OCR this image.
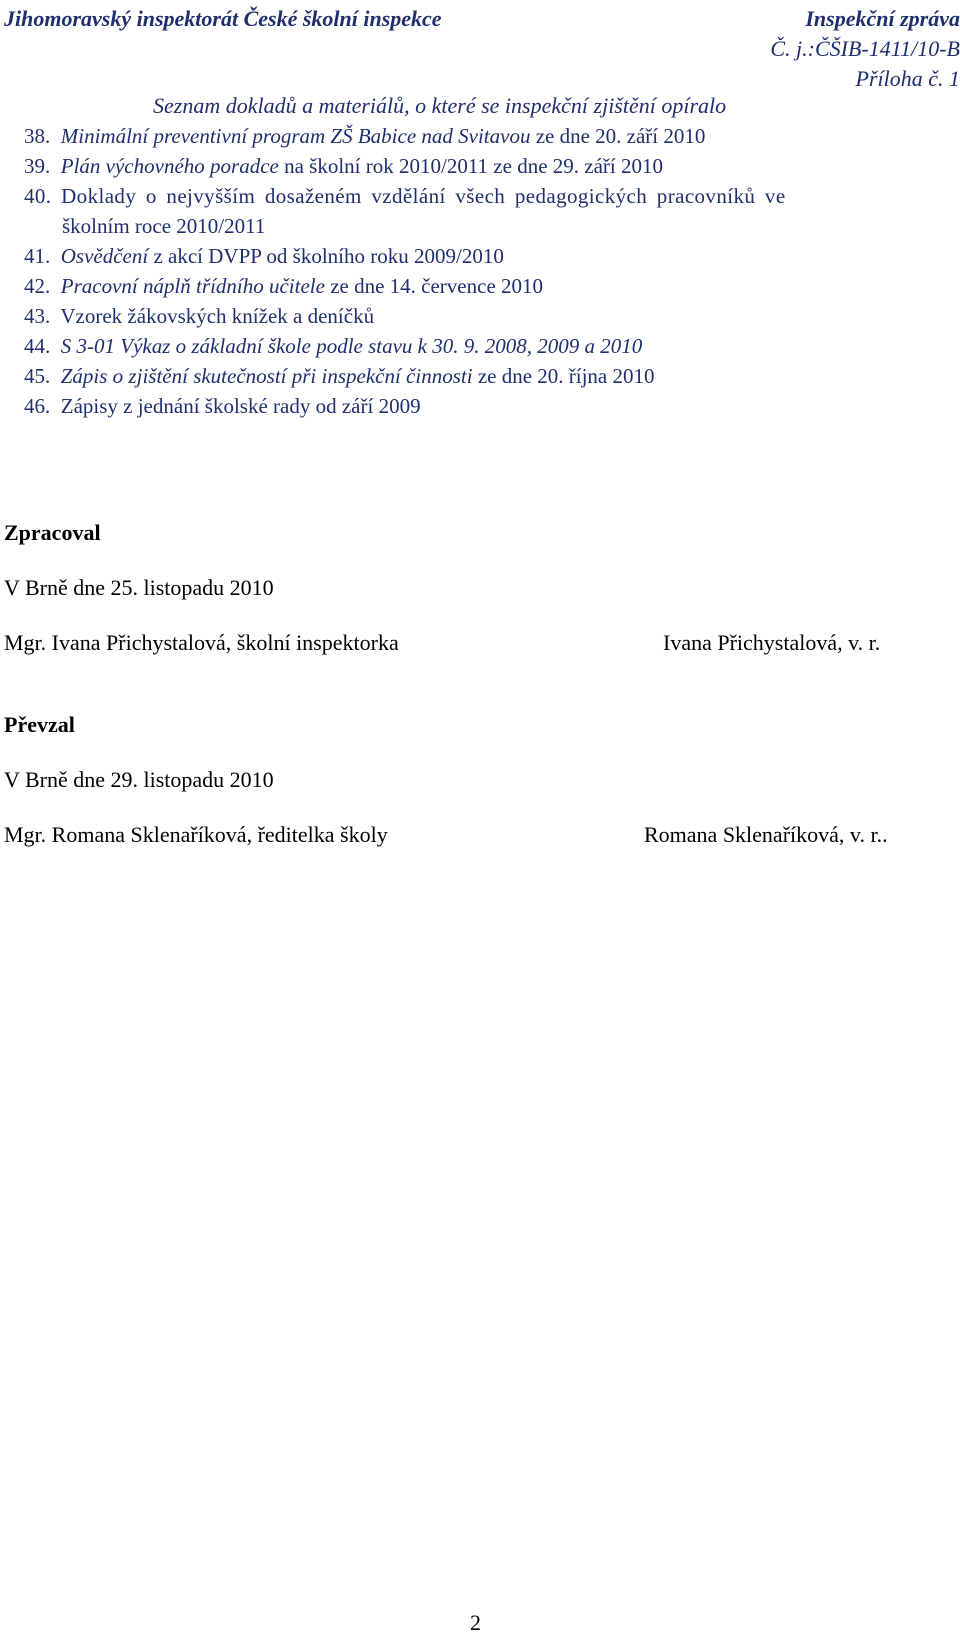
Jihomoravský inspektorát České školní inspekce	Inspekční zpráva
Č. j.:ČŠIB-1411/10-B
Příloha č. 1
Seznam dokladů a materiálů, o které se inspekční zjištění opíralo
38. Minimální preventivní program ZŠ Babice nad Svitavou ze dne 20. září 2010
39. Plán výchovného poradce na školní rok 2010/2011 ze dne 29. září 2010
40. Doklady o nejvyšším dosaženém vzdělání všech pedagogických pracovníků ve
školním roce 2010/2011
41. Osvědčení z akcí DVPP od školního roku 2009/2010
42. Pracovní náplň třídního učitele ze dne 14. července 2010
43. Vzorek žákovských knížek a deníčků
44. S 3-01 Výkaz o základní škole podle stavu k 30. 9. 2008, 2009 a 2010
45. Zápis o zjištění skutečností při inspekční činnosti ze dne 20. října 2010
46. Zápisy z jednání školské rady od září 2009
Zpracoval
V Brně dne 25. listopadu 2010
Mgr. Ivana Přichystalová, školní inspektorka	Ivana Přichystalová, v. r.
Převzal
V Brně dne 29. listopadu 2010
Mgr. Romana Sklenaříková, ředitelka školy	Romana Sklenaříková, v. r..
2
